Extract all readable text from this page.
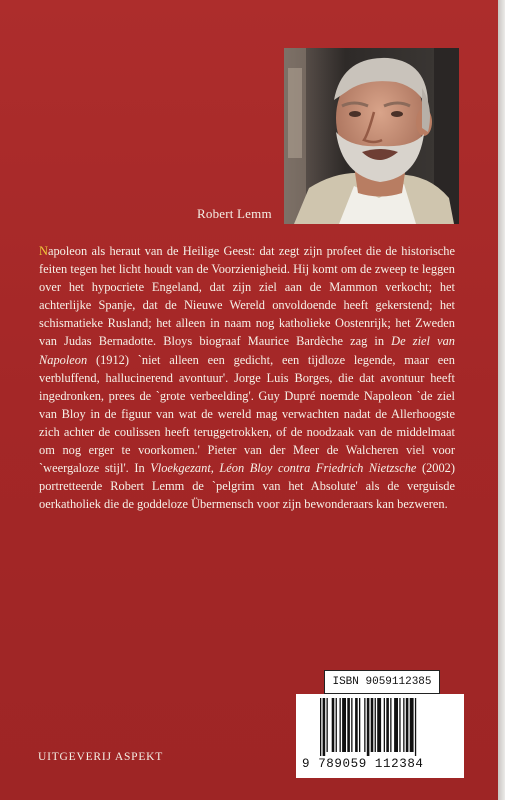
Robert Lemm

Napoleon als heraut van de Heilige Geest: dat zegt zijn profeet die de historische feiten tegen het licht houdt van de Voorzienigheid. Hij komt om de zweep te leggen over het hypocriete Engeland, dat zijn ziel aan de Mammon verkocht; het achterlijke Spanje, dat de Nieuwe Wereld onvoldoende heeft gekerstend; het schismatieke Rusland; het alleen in naam nog katholieke Oostenrijk; het Zweden van Judas Bernadotte. Bloys biograaf Maurice Bardèche zag in De ziel van Napoleon (1912) `niet alleen een gedicht, een tijdloze legende, maar een verbluffend, hallucinerend avontuur'. Jorge Luis Borges, die dat avontuur heeft ingedronken, prees de `grote verbeelding'. Guy Dupré noemde Napoleon `de ziel van Bloy in de figuur van wat de wereld mag verwachten nadat de Allerhoogste zich achter de coulissen heeft teruggetrokken, of de noodzaak van de middelmaat om nog erger te voorkomen.' Pieter van der Meer de Walcheren viel voor `weergaloze stijl'. In Vloekgezant, Léon Bloy contra Friedrich Nietzsche (2002) portretteerde Robert Lemm de `pelgrim van het Absolute' als de verguisde oerkatholiek die de goddeloze Übermensch voor zijn bewonderaars kan bezweren.

ISBN 9059112385
9 789059 112384
UITGEVERIJ ASPEKT
